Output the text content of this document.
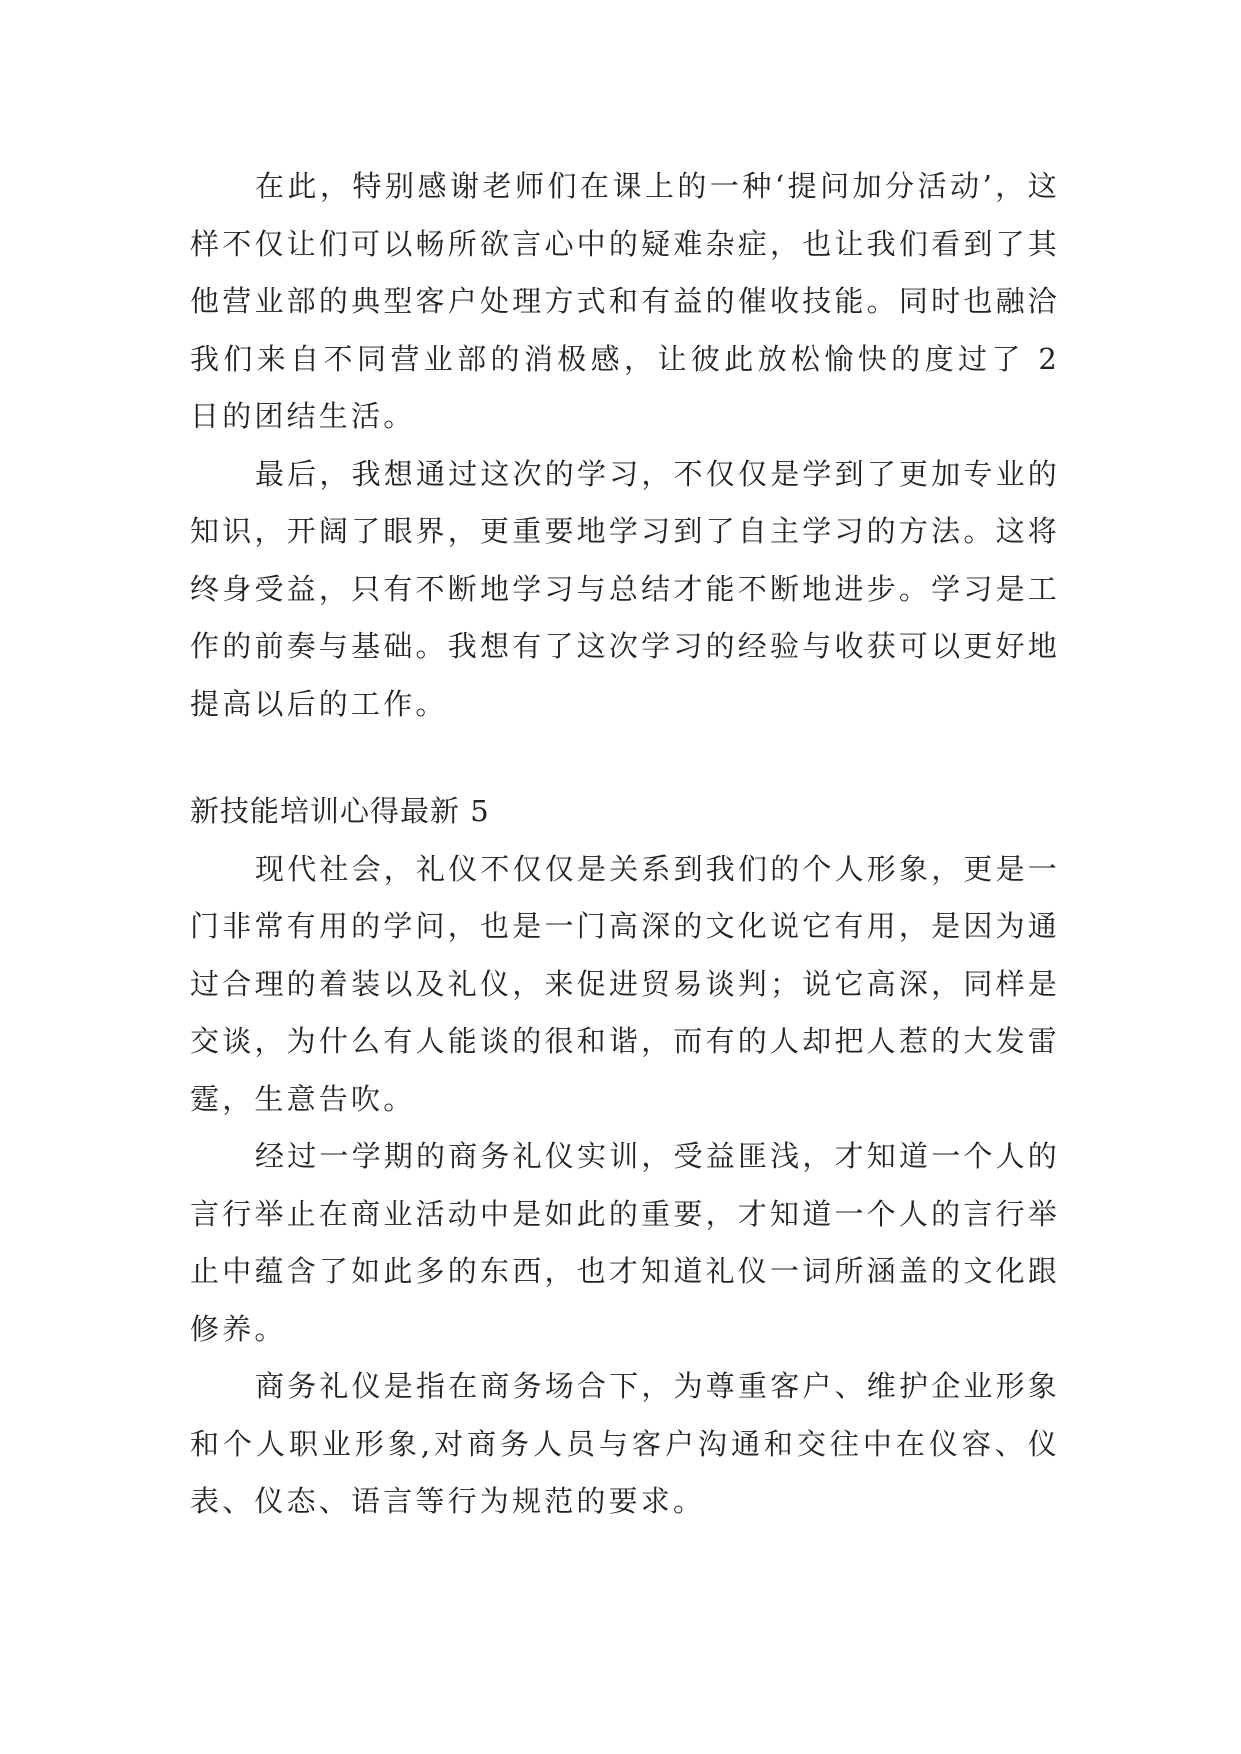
在此，特别感谢老师们在课上的一种‘提问加分活动’，这样不仅让们可以畅所欲言心中的疑难杂症，也让我们看到了其他营业部的典型客户处理方式和有益的催收技能。同时也融洽我们来自不同营业部的消极感，让彼此放松愉快的度过了 2 日的团结生活。

最后，我想通过这次的学习，不仅仅是学到了更加专业的知识，开阔了眼界，更重要地学习到了自主学习的方法。这将终身受益，只有不断地学习与总结才能不断地进步。学习是工作的前奏与基础。我想有了这次学习的经验与收获可以更好地提高以后的工作。

新技能培训心得最新 5

现代社会，礼仪不仅仅是关系到我们的个人形象，更是一门非常有用的学问，也是一门高深的文化说它有用，是因为通过合理的着装以及礼仪，来促进贸易谈判；说它高深，同样是交谈，为什么有人能谈的很和谐，而有的人却把人惹的大发雷霆，生意告吹。

经过一学期的商务礼仪实训，受益匪浅，才知道一个人的言行举止在商业活动中是如此的重要，才知道一个人的言行举止中蕴含了如此多的东西，也才知道礼仪一词所涵盖的文化跟修养。

商务礼仪是指在商务场合下，为尊重客户、维护企业形象和个人职业形象,对商务人员与客户沟通和交往中在仪容、仪表、仪态、语言等行为规范的要求。
